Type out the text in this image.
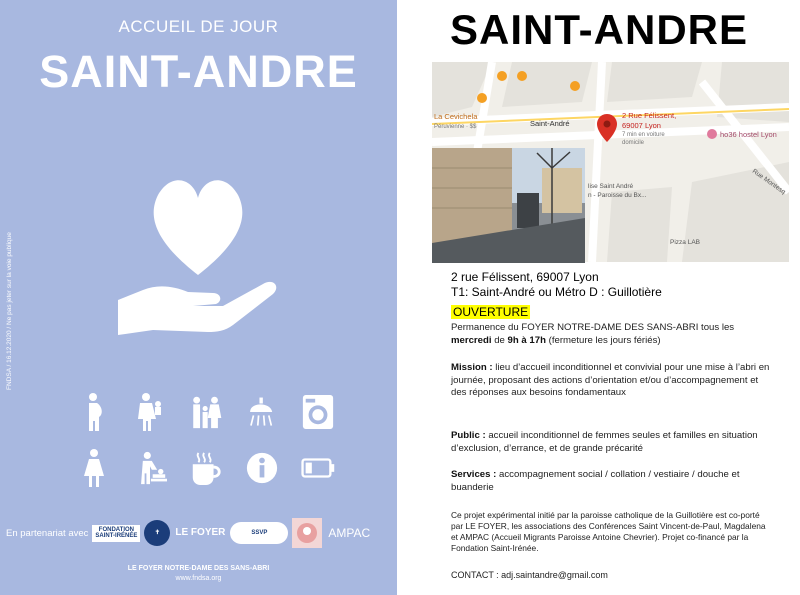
ACCUEIL DE JOUR
SAINT-ANDRE
FNDSA / 16.12.2020 / Ne pas jeter sur la voie publique
En partenariat avec	FONDATION SAINT-IRÉNÉE	✝	LE FOYER	SSVP	AMPAC
LE FOYER NOTRE-DAME DES SANS-ABRI
www.fndsa.org
SAINT-ANDRE
La Cevichela
Péruvienne · $$	Saint-André
2 Rue Félissent,
69007 Lyon
7 min en voiture
domicile
ho36 hostel Lyon
Rue Montesq
lise Saint André
n - Paroisse du Bx...
Pizza LAB
2 rue Félissent, 69007 Lyon
T1: Saint-André ou Métro D : Guillotière
OUVERTURE
Permanence du FOYER NOTRE-DAME DES SANS-ABRI tous les
mercredi de 9h à 17h (fermeture les jours fériés)
Mission : lieu d’accueil inconditionnel et convivial pour une mise à l’abri en journée, proposant des actions d’orientation et/ou d’accompagnement et des réponses aux besoins fondamentaux
Public : accueil inconditionnel de femmes seules et familles en situation d’exclusion, d’errance, et de grande précarité
Services : accompagnement social / collation / vestiaire / douche et buanderie
Ce projet expérimental initié par la paroisse catholique de la Guillotière est co-porté par LE FOYER, les associations des Conférences Saint Vincent-de-Paul, Magdalena et AMPAC (Accueil Migrants Paroisse Antoine Chevrier). Projet co-financé par la Fondation Saint-Irénée.
CONTACT : adj.saintandre@gmail.com
